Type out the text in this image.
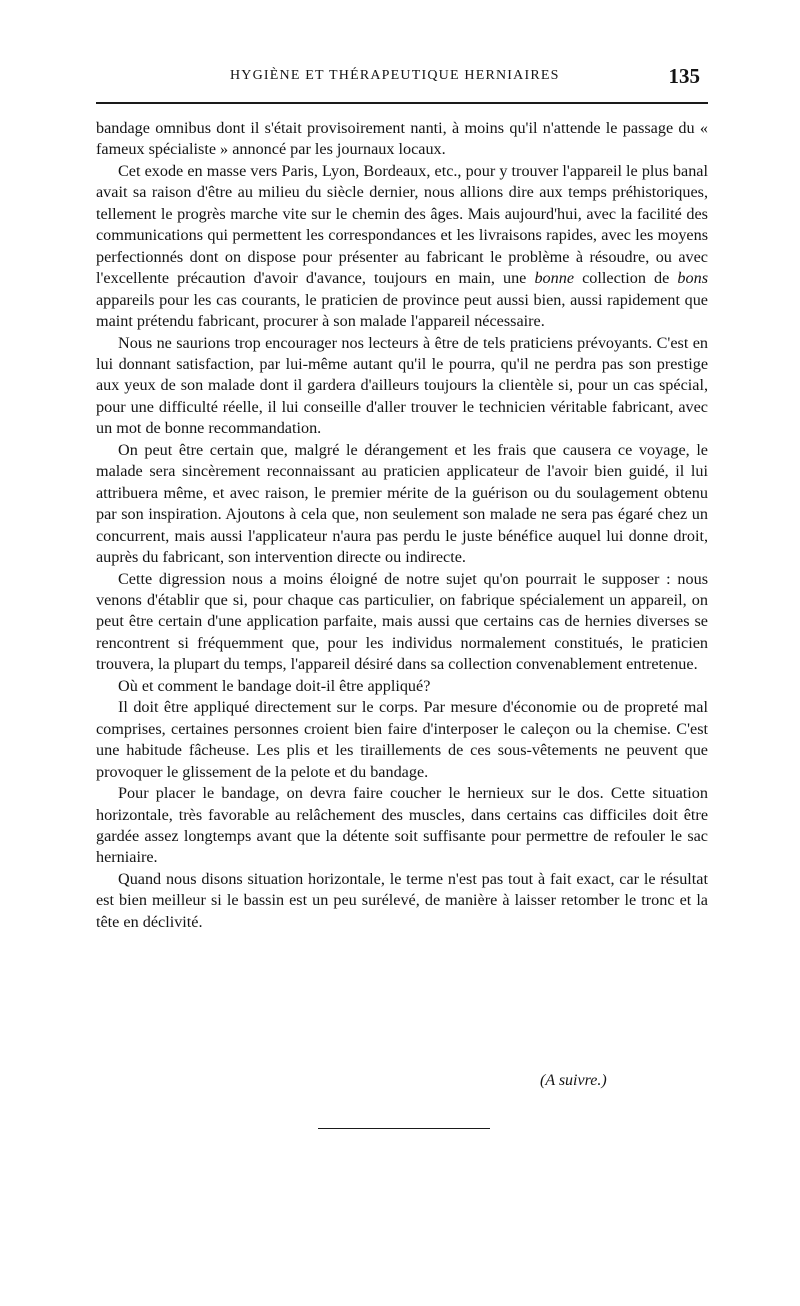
HYGIÈNE ET THÉRAPEUTIQUE HERNIAIRES	135

bandage omnibus dont il s'était provisoirement nanti, à moins qu'il n'attende le passage du « fameux spécialiste » annoncé par les journaux locaux.

Cet exode en masse vers Paris, Lyon, Bordeaux, etc., pour y trouver l'appareil le plus banal avait sa raison d'être au milieu du siècle dernier, nous allions dire aux temps préhistoriques, tellement le progrès marche vite sur le chemin des âges. Mais aujourd'hui, avec la facilité des communications qui permettent les correspondances et les livraisons rapides, avec les moyens perfectionnés dont on dispose pour présenter au fabricant le problème à résoudre, ou avec l'excellente précaution d'avoir d'avance, toujours en main, une bonne collection de bons appareils pour les cas courants, le praticien de province peut aussi bien, aussi rapidement que maint prétendu fabricant, procurer à son malade l'appareil nécessaire.

Nous ne saurions trop encourager nos lecteurs à être de tels praticiens prévoyants. C'est en lui donnant satisfaction, par lui-même autant qu'il le pourra, qu'il ne perdra pas son prestige aux yeux de son malade dont il gardera d'ailleurs toujours la clientèle si, pour un cas spécial, pour une difficulté réelle, il lui conseille d'aller trouver le technicien véritable fabricant, avec un mot de bonne recommandation.

On peut être certain que, malgré le dérangement et les frais que causera ce voyage, le malade sera sincèrement reconnaissant au praticien applicateur de l'avoir bien guidé, il lui attribuera même, et avec raison, le premier mérite de la guérison ou du soulagement obtenu par son inspiration. Ajoutons à cela que, non seulement son malade ne sera pas égaré chez un concurrent, mais aussi l'applicateur n'aura pas perdu le juste bénéfice auquel lui donne droit, auprès du fabricant, son intervention directe ou indirecte.

Cette digression nous a moins éloigné de notre sujet qu'on pourrait le supposer : nous venons d'établir que si, pour chaque cas particulier, on fabrique spécialement un appareil, on peut être certain d'une application parfaite, mais aussi que certains cas de hernies diverses se rencontrent si fréquemment que, pour les individus normalement constitués, le praticien trouvera, la plupart du temps, l'appareil désiré dans sa collection convenablement entretenue.

Où et comment le bandage doit-il être appliqué?

Il doit être appliqué directement sur le corps. Par mesure d'économie ou de propreté mal comprises, certaines personnes croient bien faire d'interposer le caleçon ou la chemise. C'est une habitude fâcheuse. Les plis et les tiraillements de ces sous-vêtements ne peuvent que provoquer le glissement de la pelote et du bandage.

Pour placer le bandage, on devra faire coucher le hernieux sur le dos. Cette situation horizontale, très favorable au relâchement des muscles, dans certains cas difficiles doit être gardée assez longtemps avant que la détente soit suffisante pour permettre de refouler le sac herniaire.

Quand nous disons situation horizontale, le terme n'est pas tout à fait exact, car le résultat est bien meilleur si le bassin est un peu surélevé, de manière à laisser retomber le tronc et la tête en déclivité.

(A suivre.)
